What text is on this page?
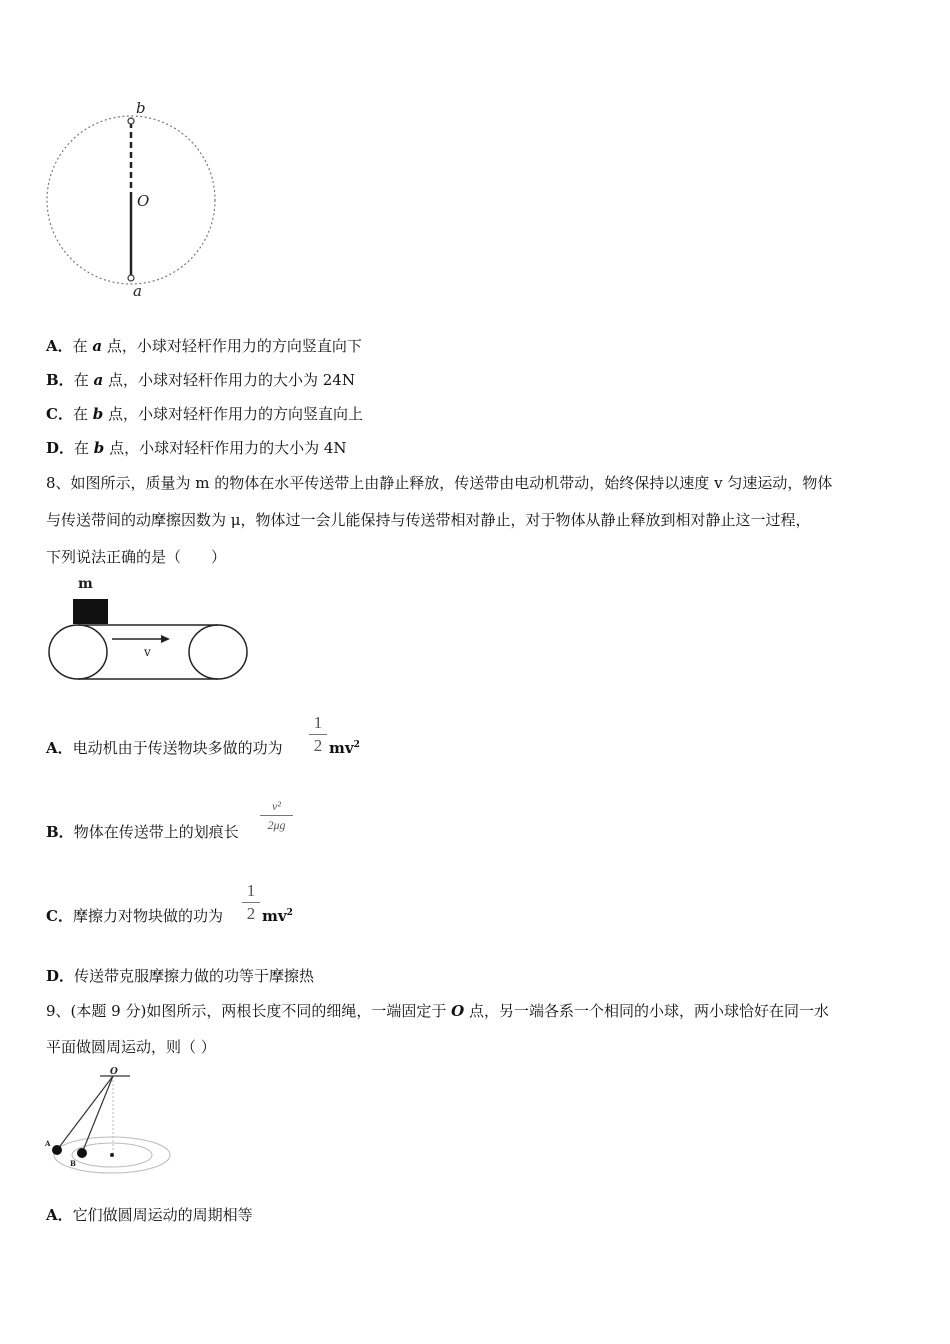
b
O
a
A．在 a 点，小球对轻杆作用力的方向竖直向下
B．在 a 点，小球对轻杆作用力的大小为 24N
C．在 b 点，小球对轻杆作用力的方向竖直向上
D．在 b 点，小球对轻杆作用力的大小为 4N
8、如图所示，质量为 m 的物体在水平传送带上由静止释放，传送带由电动机带动，始终保持以速度 v 匀速运动，物体
与传送带间的动摩擦因数为 μ，物体过一会儿能保持与传送带相对静止，对于物体从静止释放到相对静止这一过程，
下列说法正确的是（　　）
m
v
A．电动机由于传送物块多做的功为
1
2 $mv^2$
B．物体在传送带上的划痕长
v²
2μg
C．摩擦力对物块做的功为
1
2 $mv^2$
D．传送带克服摩擦力做的功等于摩擦热
9、(本题 9 分)如图所示，两根长度不同的细绳，一端固定于 O 点，另一端各系一个相同的小球，两小球恰好在同一水
平面做圆周运动，则（ ）
O
A
B
A．它们做圆周运动的周期相等
